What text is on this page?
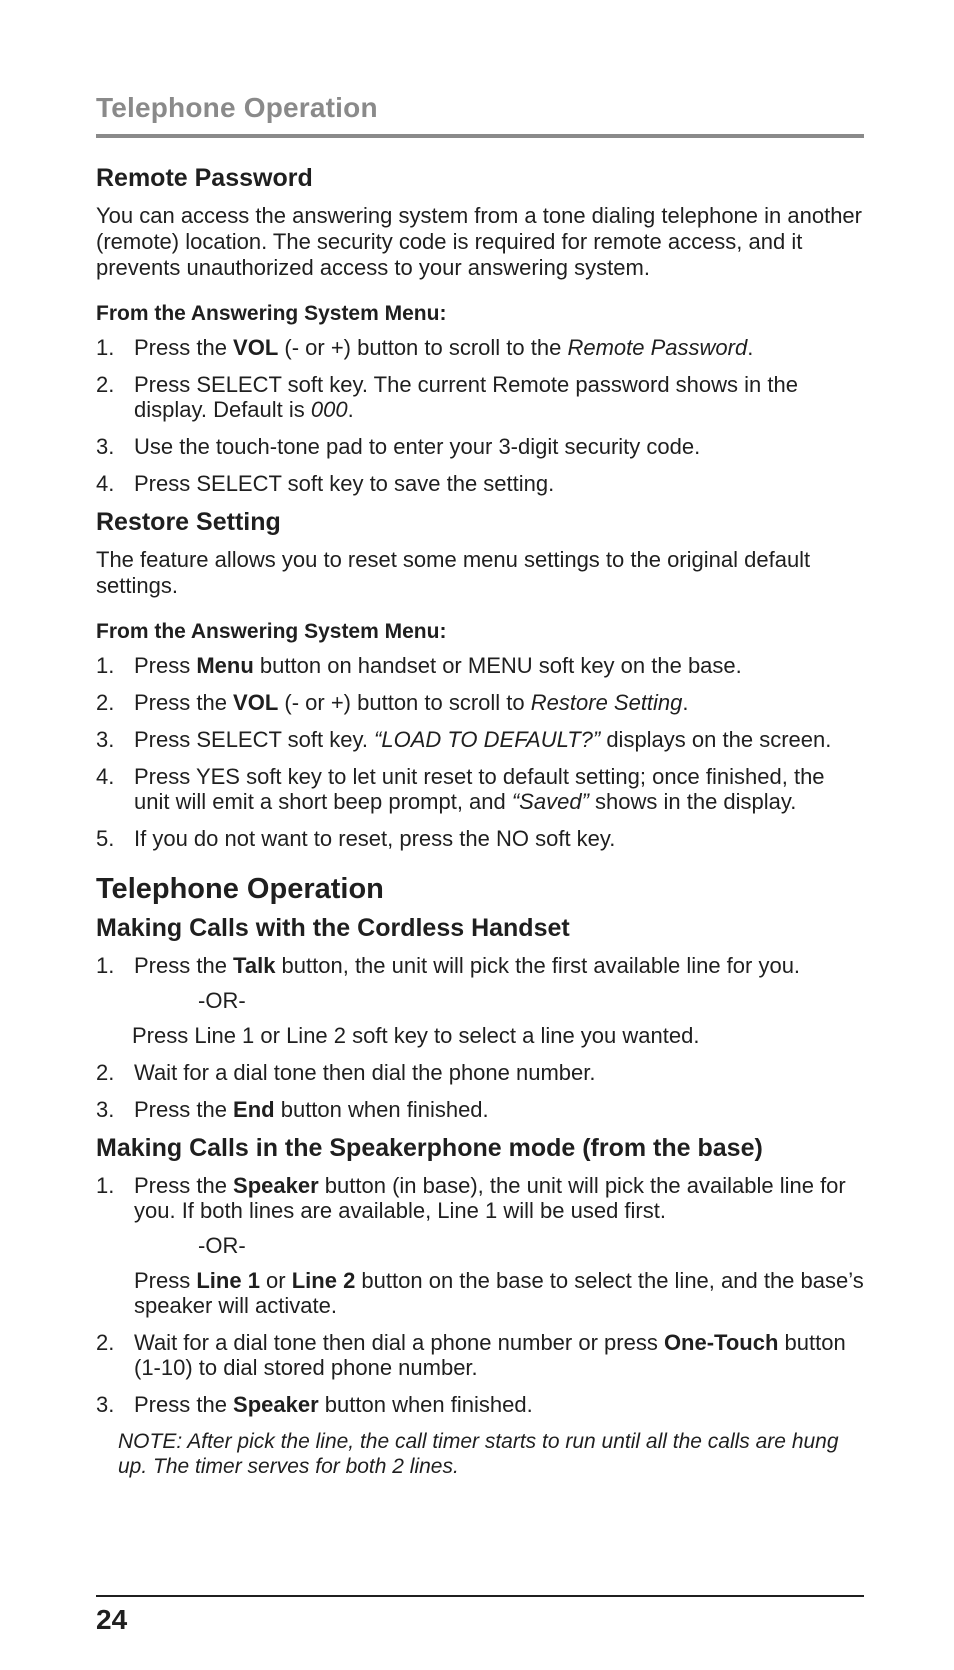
Telephone Operation
Remote Password

You can access the answering system from a tone dialing telephone in another (remote) location. The security code is required for remote access, and it prevents unauthorized access to your answering system.

From the Answering System Menu:
1. Press the VOL (- or +) button to scroll to the Remote Password.
2. Press SELECT soft key. The current Remote password shows in the display. Default is 000.
3. Use the touch-tone pad to enter your 3-digit security code.
4. Press SELECT soft key to save the setting.
Restore Setting

The feature allows you to reset some menu settings to the original default settings.

From the Answering System Menu:
1. Press Menu button on handset or MENU soft key on the base.
2. Press the VOL (- or +) button to scroll to Restore Setting.
3. Press SELECT soft key. “LOAD TO DEFAULT?” displays on the screen.
4. Press YES soft key to let unit reset to default setting; once finished, the unit will emit a short beep prompt, and “Saved” shows in the display.
5. If you do not want to reset, press the NO soft key.
Telephone Operation
Making Calls with the Cordless Handset
1. Press the Talk button, the unit will pick the first available line for you.
-OR-
Press Line 1 or Line 2 soft key to select a line you wanted.
2. Wait for a dial tone then dial the phone number.
3. Press the End button when finished.
Making Calls in the Speakerphone mode (from the base)
1. Press the Speaker button (in base), the unit will pick the available line for you. If both lines are available, Line 1 will be used first.
-OR-
Press Line 1 or Line 2 button on the base to select the line, and the base’s speaker will activate.
2. Wait for a dial tone then dial a phone number or press One-Touch button (1-10) to dial stored phone number.
3. Press the Speaker button when finished.

NOTE: After pick the line, the call timer starts to run until all the calls are hung up. The timer serves for both 2 lines.

24
